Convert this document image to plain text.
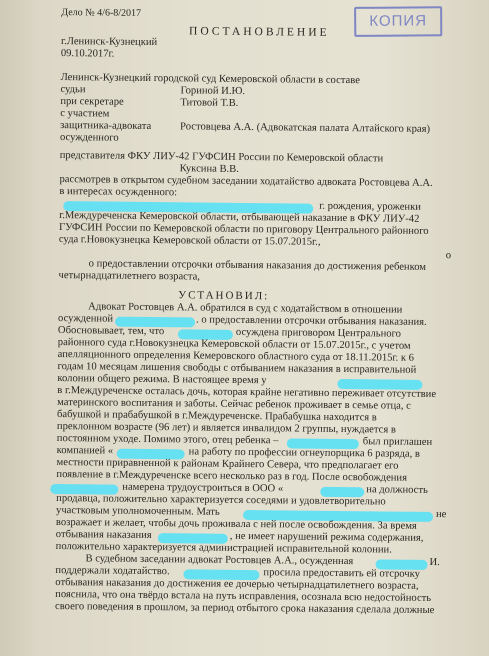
Дело № 4/6-8/2017	КОПИЯ
ПОСТАНОВЛЕНИЕ
г.Ленинск-Кузнецкий
09.10.2017г.
Ленинск-Кузнецкий городской суд Кемеровской области в составе
судьи	Гориной И.Ю.
при секретаре	Титовой Т.В.
с участием
защитника-адвоката	Ростовцева А.А. (Адвокатская палата Алтайского края)
осужденного
представителя ФКУ ЛИУ-42 ГУФСИН России по Кемеровской области
Куксина В.В.
рассмотрев в открытом судебном заседании ходатайство адвоката Ростовцева А.А.
в интересах осужденного:
г. рождения, уроженки
г.Междуреченска Кемеровской области, отбывающей наказание в ФКУ ЛИУ-42
ГУФСИН России по Кемеровской области по приговору Центрального районного
суда г.Новокузнецка Кемеровской области от 15.07.2015г.,
о
о предоставлении отсрочки отбывания наказания до достижения ребенком
четырнадцатилетнего возраста,
УСТАНОВИЛ:
Адвокат Ростовцев А.А. обратился в суд с ходатайством в отношении
осужденной	. о предоставлении отсрочки отбывания наказания.
Обосновывает, тем, что	осуждена приговором Центрального
районного суда г.Новокузнецка Кемеровской области от 15.07.2015г., с учетом
апелляционного определения Кемеровского областного суда от 18.11.2015г. к 6
годам 10 месяцам лишения свободы с отбыванием наказания в исправительной
колонии общего режима. В настоящее время у
в г.Междуреченске осталась дочь, которая крайне негативно переживает отсутствие
материнского воспитания и заботы. Сейчас ребенок проживает в семье отца, с
бабушкой и прабабушкой в г.Междуреченске. Прабабушка находится в
преклонном возрасте (96 лет) и является инвалидом 2 группы, нуждается в
постоянном уходе. Помимо этого, отец ребенка –	был приглашен
компанией «	на работу по профессии огнеупорщика 6 разряда, в
местности приравненной к районам Крайнего Севера, что предполагает его
появление в г.Междуреченске всего несколько раз в год. После освобождения
намерена трудоустроиться в ООО «	на должность
продавца, положительно характеризуется соседями и удовлетворительно
участковым уполномоченным. Мать	не
возражает и желает, чтобы дочь проживала с ней после освобождения. За время
отбывания наказания	, не имеет нарушений режима содержания,
положительно характеризуется администрацией исправительной колонии.
В судебном заседании адвокат Ростовцев А.А., осужденная	И.
поддержали ходатайство.	просила предоставить ей отсрочку
отбывания наказания до достижения ее дочерью четырнадцатилетнего возраста,
пояснила, что она твёрдо встала на путь исправления, осознала всю недостойность
своего поведения в прошлом, за период отбытого срока наказания сделала должные
